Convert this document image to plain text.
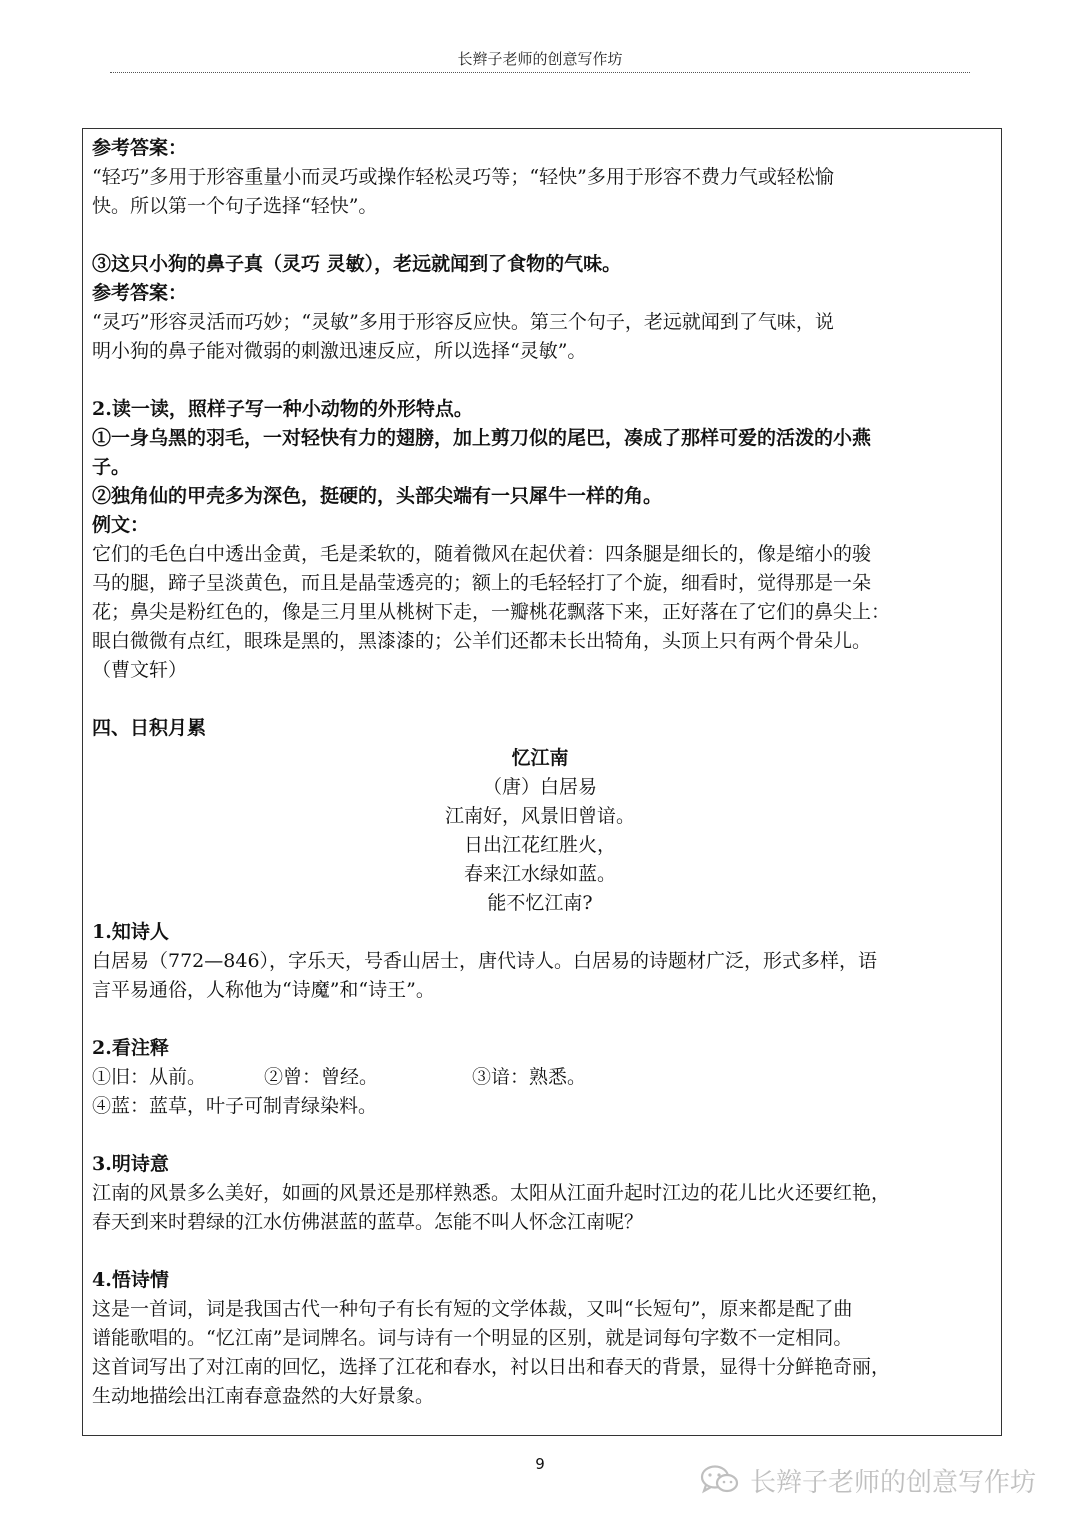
长辫子老师的创意写作坊
参考答案：
“轻巧”多用于形容重量小而灵巧或操作轻松灵巧等；“轻快”多用于形容不费力气或轻松愉
快。所以第一个句子选择“轻快”。
③这只小狗的鼻子真（灵巧 灵敏），老远就闻到了食物的气味。
参考答案：
“灵巧”形容灵活而巧妙；“灵敏”多用于形容反应快。第三个句子，老远就闻到了气味，说
明小狗的鼻子能对微弱的刺激迅速反应，所以选择“灵敏”。
2.读一读，照样子写一种小动物的外形特点。
①一身乌黑的羽毛，一对轻快有力的翅膀，加上剪刀似的尾巴，凑成了那样可爱的活泼的小燕
子。
②独角仙的甲壳多为深色，挺硬的，头部尖端有一只犀牛一样的角。
例文：
它们的毛色白中透出金黄，毛是柔软的，随着微风在起伏着：四条腿是细长的，像是缩小的骏
马的腿，蹄子呈淡黄色，而且是晶莹透亮的；额上的毛轻轻打了个旋，细看时，觉得那是一朵
花；鼻尖是粉红色的，像是三月里从桃树下走，一瓣桃花飘落下来，正好落在了它们的鼻尖上：
眼白微微有点红，眼珠是黑的，黑漆漆的；公羊们还都未长出犄角，头顶上只有两个骨朵儿。
（曹文轩）
四、日积月累
忆江南
（唐）白居易
江南好，风景旧曾谙。
日出江花红胜火，
春来江水绿如蓝。
能不忆江南?
1.知诗人
白居易（772—846），字乐天，号香山居士，唐代诗人。白居易的诗题材广泛，形式多样，语
言平易通俗，人称他为“诗魔”和“诗王”。
2.看注释
①旧：从前。	②曾：曾经。	③谙：熟悉。
④蓝：蓝草，叶子可制青绿染料。
3.明诗意
江南的风景多么美好，如画的风景还是那样熟悉。太阳从江面升起时江边的花儿比火还要红艳，
春天到来时碧绿的江水仿佛湛蓝的蓝草。怎能不叫人怀念江南呢？
4.悟诗情
这是一首词，词是我国古代一种句子有长有短的文学体裁，又叫“长短句”，原来都是配了曲
谱能歌唱的。“忆江南”是词牌名。词与诗有一个明显的区别，就是词每句字数不一定相同。
这首词写出了对江南的回忆，选择了江花和春水，衬以日出和春天的背景，显得十分鲜艳奇丽，
生动地描绘出江南春意盎然的大好景象。
9
长辫子老师的创意写作坊
